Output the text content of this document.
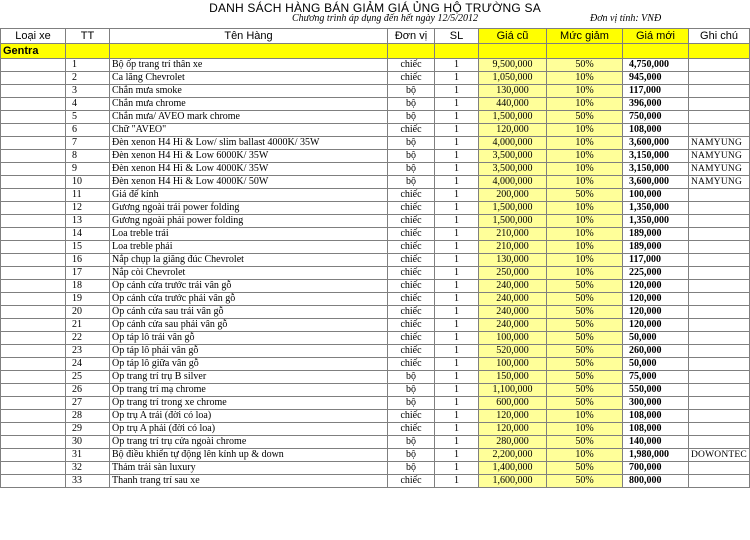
DANH SÁCH HÀNG BÁN GIẢM GIÁ ỦNG HỘ TRƯỜNG SA
Chương trình áp dụng đến hết ngày 12/5/2012	Đơn vị tính: VNĐ
Loại xe	TT	Tên Hàng	Đơn vị	SL	Giá cũ	Mức giảm	Giá mới	Ghi chú
Gentra								
	1	Bộ ốp trang trí thân xe	chiếc	1	9,500,000	50%	4,750,000	
	2	Ca lăng Chevrolet	chiếc	1	1,050,000	10%	945,000	
	3	Chắn mưa smoke	bộ	1	130,000	10%	117,000	
	4	Chắn mưa chrome	bộ	1	440,000	10%	396,000	
	5	Chắn mưa/ AVEO mark chrome	bộ	1	1,500,000	50%	750,000	
	6	Chữ "AVEO"	chiếc	1	120,000	10%	108,000	
	7	Đèn xenon H4 Hi & Low/ slim ballast 4000K/ 35W	bộ	1	4,000,000	10%	3,600,000	NAMYUNG
	8	Đèn xenon H4 Hi & Low 6000K/ 35W	bộ	1	3,500,000	10%	3,150,000	NAMYUNG
	9	Đèn xenon H4 Hi & Low 4000K/ 35W	bộ	1	3,500,000	10%	3,150,000	NAMYUNG
	10	Đèn xenon H4 Hi & Low 4000K/ 50W	bộ	1	4,000,000	10%	3,600,000	NAMYUNG
	11	Giá để kính	chiếc	1	200,000	50%	100,000	
	12	Gương ngoài trái power folding	chiếc	1	1,500,000	10%	1,350,000	
	13	Gương ngoài phải power folding	chiếc	1	1,500,000	10%	1,350,000	
	14	Loa treble trái	chiếc	1	210,000	10%	189,000	
	15	Loa treble phải	chiếc	1	210,000	10%	189,000	
	16	Nắp chụp la giăng đúc Chevrolet	chiếc	1	130,000	10%	117,000	
	17	Nắp còi Chevrolet	chiếc	1	250,000	10%	225,000	
	18	Ốp cánh cửa trước trái vân gỗ	chiếc	1	240,000	50%	120,000	
	19	Ốp cánh cửa trước phải vân gỗ	chiếc	1	240,000	50%	120,000	
	20	Ốp cánh cửa sau trái vân gỗ	chiếc	1	240,000	50%	120,000	
	21	Ốp cánh cửa sau phải vân gỗ	chiếc	1	240,000	50%	120,000	
	22	Ốp táp lô trái vân gỗ	chiếc	1	100,000	50%	50,000	
	23	Ốp táp lô phải vân gỗ	chiếc	1	520,000	50%	260,000	
	24	Ốp táp lô giữa vân gỗ	chiếc	1	100,000	50%	50,000	
	25	Ốp trang trí trụ B silver	bộ	1	150,000	50%	75,000	
	26	Ốp trang trí mạ chrome	bộ	1	1,100,000	50%	550,000	
	27	Ốp trang trí trong xe chrome	bộ	1	600,000	50%	300,000	
	28	Ốp trụ A trái (đời có loa)	chiếc	1	120,000	10%	108,000	
	29	Ốp trụ A phải (đời có loa)	chiếc	1	120,000	10%	108,000	
	30	Ốp trang trí trụ cửa ngoài chrome	bộ	1	280,000	50%	140,000	
	31	Bộ điều khiển tự động lên kính up & down	bộ	1	2,200,000	10%	1,980,000	DOWONTEC
	32	Thảm trải sàn luxury	bộ	1	1,400,000	50%	700,000	
	33	Thanh trang trí sau xe	chiếc	1	1,600,000	50%	800,000	
